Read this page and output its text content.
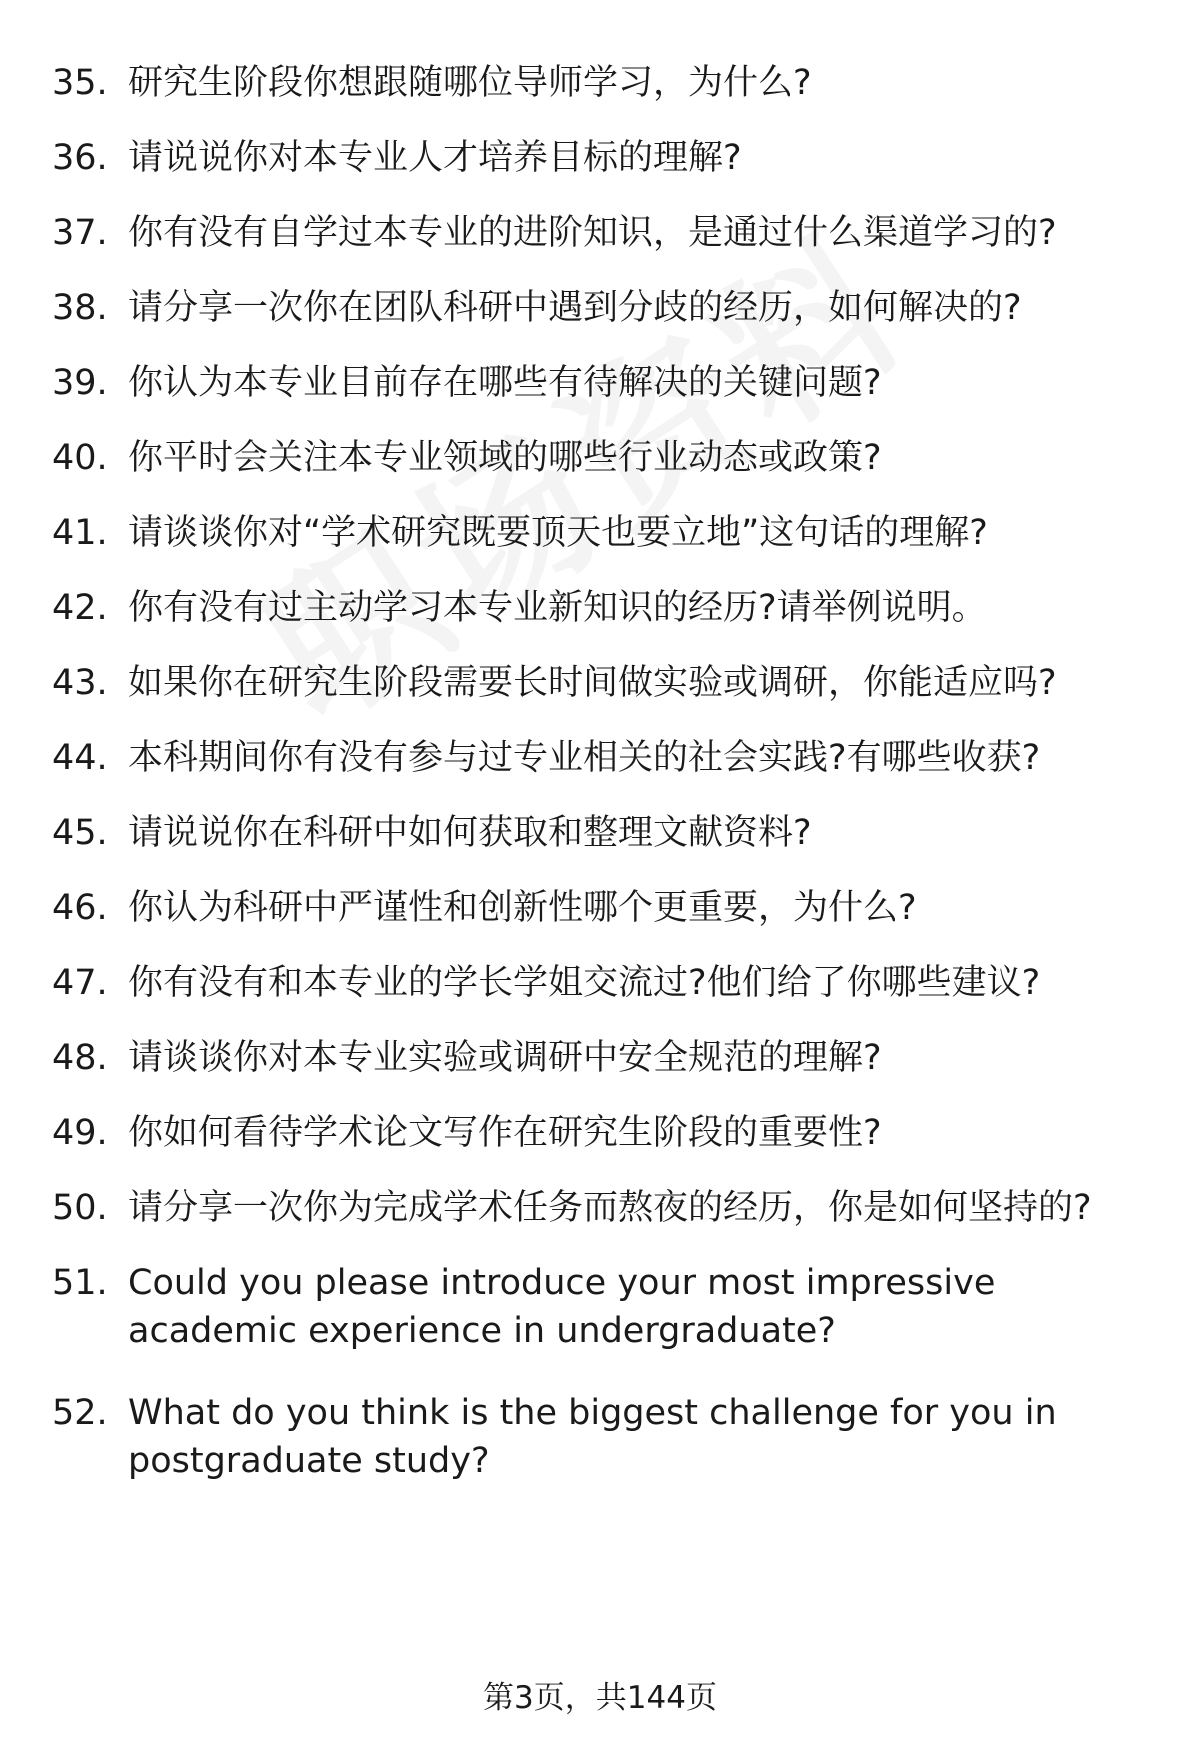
35. 研究生阶段你想跟随哪位导师学习，为什么?
36. 请说说你对本专业人才培养目标的理解?
37. 你有没有自学过本专业的进阶知识，是通过什么渠道学习的?
38. 请分享一次你在团队科研中遇到分歧的经历，如何解决的?
39. 你认为本专业目前存在哪些有待解决的关键问题?
40. 你平时会关注本专业领域的哪些行业动态或政策?
41. 请谈谈你对“学术研究既要顶天也要立地”这句话的理解?
42. 你有没有过主动学习本专业新知识的经历?请举例说明。
43. 如果你在研究生阶段需要长时间做实验或调研，你能适应吗?
44. 本科期间你有没有参与过专业相关的社会实践?有哪些收获?
45. 请说说你在科研中如何获取和整理文献资料?
46. 你认为科研中严谨性和创新性哪个更重要，为什么?
47. 你有没有和本专业的学长学姐交流过?他们给了你哪些建议?
48. 请谈谈你对本专业实验或调研中安全规范的理解?
49. 你如何看待学术论文写作在研究生阶段的重要性?
50. 请分享一次你为完成学术任务而熬夜的经历，你是如何坚持的?
51. Could you please introduce your most impressive academic experience in undergraduate?
52. What do you think is the biggest challenge for you in postgraduate study?
第3页，共144页
